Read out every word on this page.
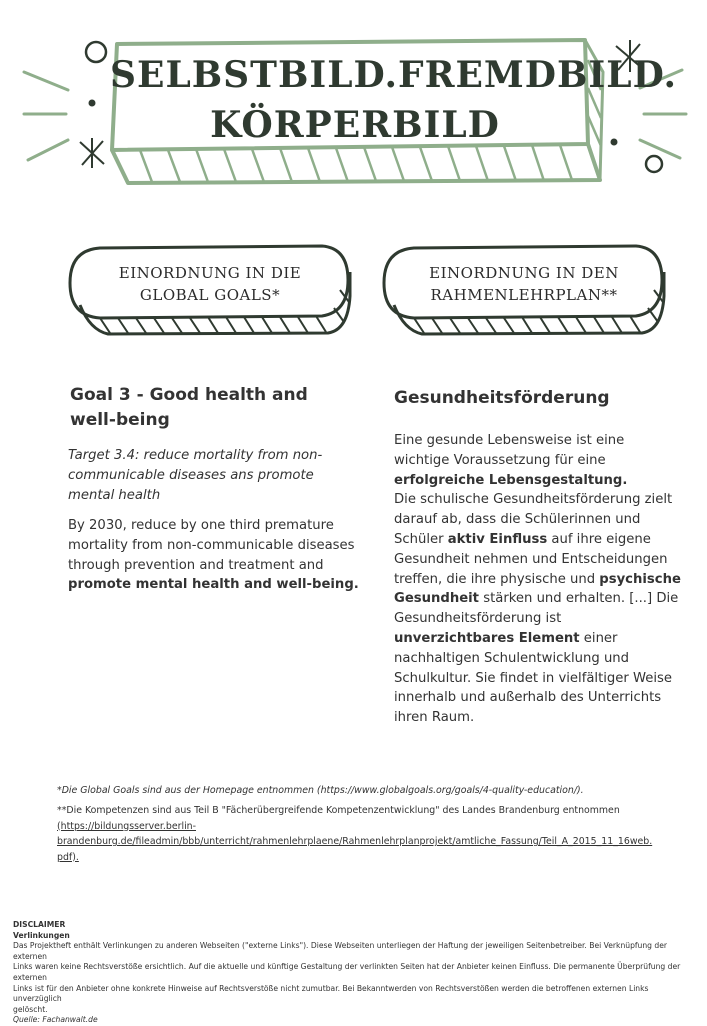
SELBSTBILD.FREMDBILD.
KÖRPERBILD
EINORDNUNG IN DIE
GLOBAL GOALS*
EINORDNUNG IN DEN
RAHMENLEHRPLAN**
Goal 3 - Good health and
well-being
Target 3.4: reduce mortality from non-
communicable diseases ans promote
mental health
By 2030, reduce by one third premature
mortality from non-communicable diseases
through prevention and treatment and
promote mental health and well-being.
Gesundheitsförderung
Eine gesunde Lebensweise ist eine
wichtige Voraussetzung für eine
erfolgreiche Lebensgestaltung.
Die schulische Gesundheitsförderung zielt
darauf ab, dass die Schülerinnen und
Schüler aktiv Einfluss auf ihre eigene
Gesundheit nehmen und Entscheidungen
treffen, die ihre physische und psychische
Gesundheit stärken und erhalten. [...] Die
Gesundheitsförderung ist
unverzichtbares Element einer
nachhaltigen Schulentwicklung und
Schulkultur. Sie findet in vielfältiger Weise
innerhalb und außerhalb des Unterrichts
ihren Raum.
*Die Global Goals sind aus der Homepage entnommen (https://www.globalgoals.org/goals/4-quality-education/).
**Die Kompetenzen sind aus Teil B "Fächerübergreifende Kompetenzentwicklung" des Landes Brandenburg entnommen
(https://bildungsserver.berlin-
brandenburg.de/fileadmin/bbb/unterricht/rahmenlehrplaene/Rahmenlehrplanprojekt/amtliche_Fassung/Teil_A_2015_11_16web.
pdf).
DISCLAIMER
Verlinkungen
Das Projektheft enthält Verlinkungen zu anderen Webseiten ("externe Links"). Diese Webseiten unterliegen der Haftung der jeweiligen Seitenbetreiber. Bei Verknüpfung der externen
Links waren keine Rechtsverstöße ersichtlich. Auf die aktuelle und künftige Gestaltung der verlinkten Seiten hat der Anbieter keinen Einfluss. Die permanente Überprüfung der externen
Links ist für den Anbieter ohne konkrete Hinweise auf Rechtsverstöße nicht zumutbar. Bei Bekanntwerden von Rechtsverstößen werden die betroffenen externen Links unverzüglich
gelöscht.
Quelle: Fachanwalt.de
